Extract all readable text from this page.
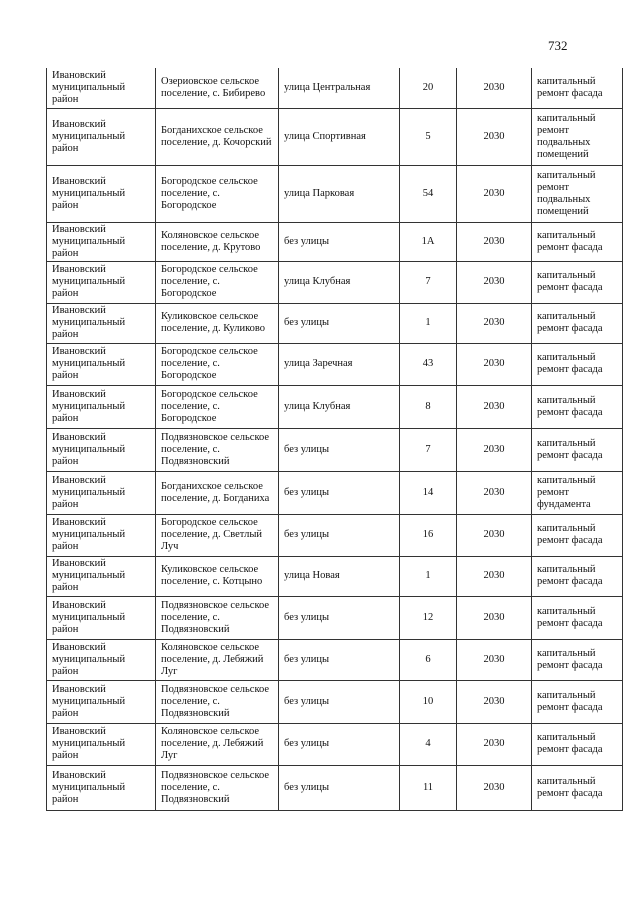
732
Ивановский муниципальный район	Озериовское сельское поселение, с. Бибирево	улица Центральная	20	2030	капитальный ремонт фасада
Ивановский муниципальный район	Богданихское сельское поселение, д. Кочорский	улица Спортивная	5	2030	капитальный ремонт подвальных помещений
Ивановский муниципальный район	Богородское сельское поселение, с. Богородское	улица Парковая	54	2030	капитальный ремонт подвальных помещений
Ивановский муниципальный район	Коляновское сельское поселение, д. Крутово	без улицы	1А	2030	капитальный ремонт фасада
Ивановский муниципальный район	Богородское сельское поселение, с. Богородское	улица Клубная	7	2030	капитальный ремонт фасада
Ивановский муниципальный район	Куликовское сельское поселение, д. Куликово	без улицы	1	2030	капитальный ремонт фасада
Ивановский муниципальный район	Богородское сельское поселение, с. Богородское	улица Заречная	43	2030	капитальный ремонт фасада
Ивановский муниципальный район	Богородское сельское поселение, с. Богородское	улица Клубная	8	2030	капитальный ремонт фасада
Ивановский муниципальный район	Подвязновское сельское поселение, с. Подвязновский	без улицы	7	2030	капитальный ремонт фасада
Ивановский муниципальный район	Богданихское сельское поселение, д. Богданиха	без улицы	14	2030	капитальный ремонт фундамента
Ивановский муниципальный район	Богородское сельское поселение, д. Светлый Луч	без улицы	16	2030	капитальный ремонт фасада
Ивановский муниципальный район	Куликовское сельское поселение, с. Котцыно	улица Новая	1	2030	капитальный ремонт фасада
Ивановский муниципальный район	Подвязновское сельское поселение, с. Подвязновский	без улицы	12	2030	капитальный ремонт фасада
Ивановский муниципальный район	Коляновское сельское поселение, д. Лебяжий Луг	без улицы	6	2030	капитальный ремонт фасада
Ивановский муниципальный район	Подвязновское сельское поселение, с. Подвязновский	без улицы	10	2030	капитальный ремонт фасада
Ивановский муниципальный район	Коляновское сельское поселение, д. Лебяжий Луг	без улицы	4	2030	капитальный ремонт фасада
Ивановский муниципальный район	Подвязновское сельское поселение, с. Подвязновский	без улицы	11	2030	капитальный ремонт фасада
